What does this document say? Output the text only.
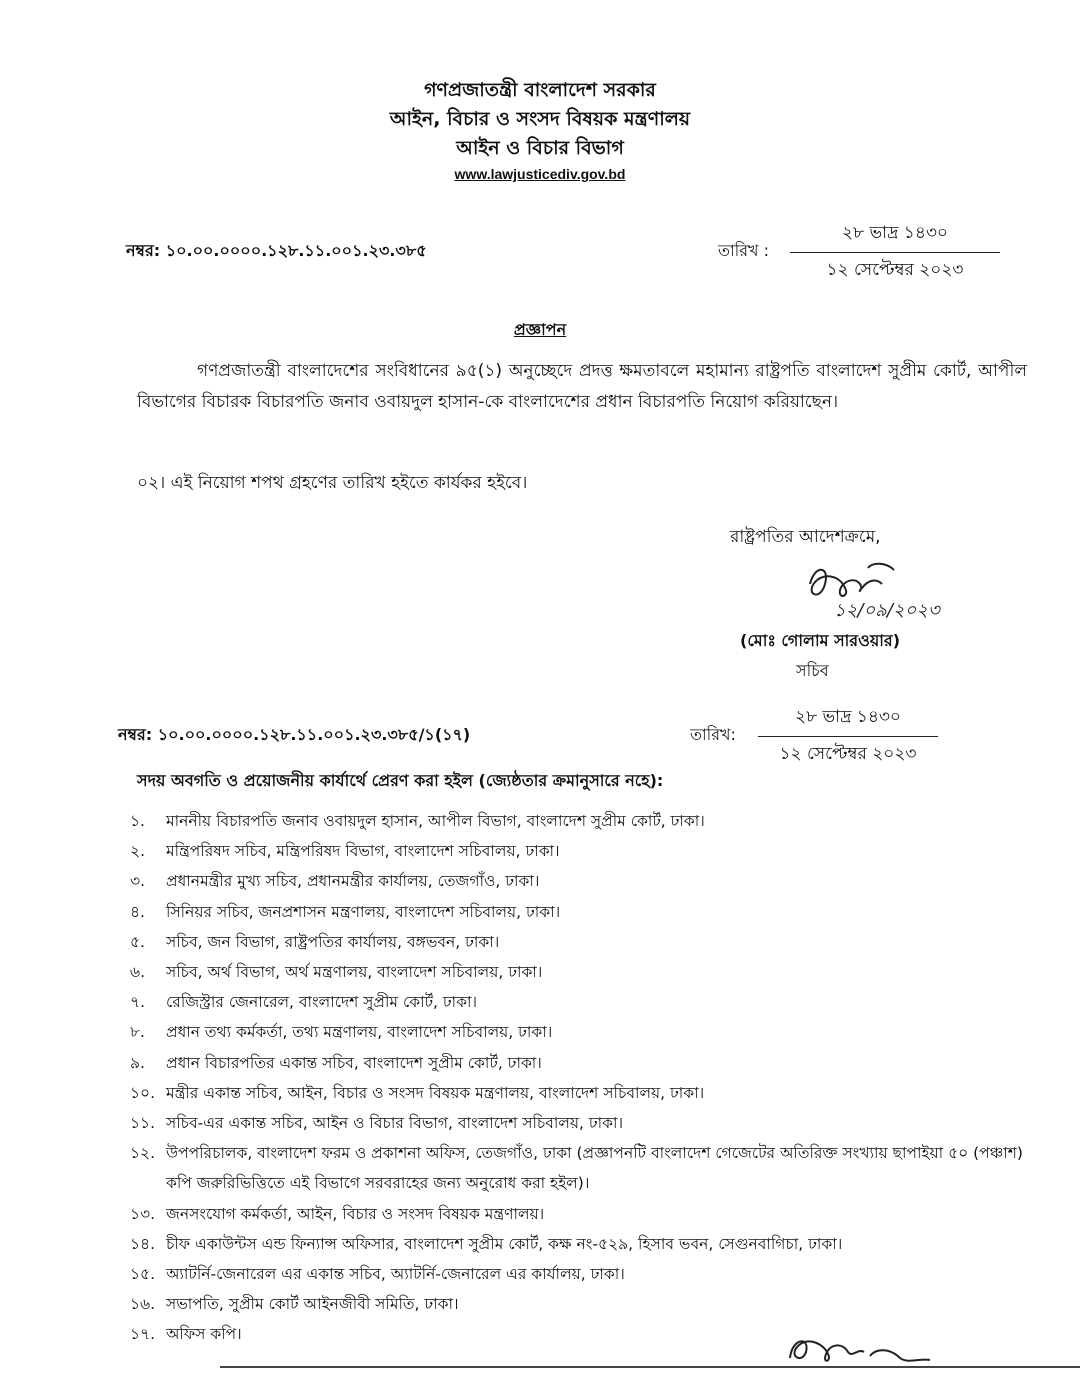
গণপ্রজাতন্ত্রী বাংলাদেশ সরকার
আইন, বিচার ও সংসদ বিষয়ক মন্ত্রণালয়
আইন ও বিচার বিভাগ
www.lawjusticediv.gov.bd
নম্বর: ১০.০০.০০০০.১২৮.১১.০০১.২৩.৩৮৫	তারিখ :
২৮ ভাদ্র ১৪৩০
১২ সেপ্টেম্বর ২০২৩
প্রজ্ঞাপন

গণপ্রজাতন্ত্রী বাংলাদেশের সংবিধানের ৯৫(১) অনুচ্ছেদে প্রদত্ত ক্ষমতাবলে মহামান্য রাষ্ট্রপতি বাংলাদেশ সুপ্রীম কোর্ট, আপীল বিভাগের বিচারক বিচারপতি জনাব ওবায়দুল হাসান-কে বাংলাদেশের প্রধান বিচারপতি নিয়োগ করিয়াছেন।

০২। এই নিয়োগ শপথ গ্রহণের তারিখ হইতে কার্যকর হইবে।
রাষ্ট্রপতির আদেশক্রমে,
১২/০৯/২০২৩
(মোঃ গোলাম সারওয়ার)
সচিব
নম্বর: ১০.০০.০০০০.১২৮.১১.০০১.২৩.৩৮৫/১(১৭)	তারিখ:
২৮ ভাদ্র ১৪৩০
১২ সেপ্টেম্বর ২০২৩
সদয় অবগতি ও প্রয়োজনীয় কার্যার্থে প্রেরণ করা হইল (জ্যেষ্ঠতার ক্রমানুসারে নহে):
১.	মাননীয় বিচারপতি জনাব ওবায়দুল হাসান, আপীল বিভাগ, বাংলাদেশ সুপ্রীম কোর্ট, ঢাকা।
২.	মন্ত্রিপরিষদ সচিব, মন্ত্রিপরিষদ বিভাগ, বাংলাদেশ সচিবালয়, ঢাকা।
৩.	প্রধানমন্ত্রীর মুখ্য সচিব, প্রধানমন্ত্রীর কার্যালয়, তেজগাঁও, ঢাকা।
৪.	সিনিয়র সচিব, জনপ্রশাসন মন্ত্রণালয়, বাংলাদেশ সচিবালয়, ঢাকা।
৫.	সচিব, জন বিভাগ, রাষ্ট্রপতির কার্যালয়, বঙ্গভবন, ঢাকা।
৬.	সচিব, অর্থ বিভাগ, অর্থ মন্ত্রণালয়, বাংলাদেশ সচিবালয়, ঢাকা।
৭.	রেজিস্ট্রার জেনারেল, বাংলাদেশ সুপ্রীম কোর্ট, ঢাকা।
৮.	প্রধান তথ্য কর্মকর্তা, তথ্য মন্ত্রণালয়, বাংলাদেশ সচিবালয়, ঢাকা।
৯.	প্রধান বিচারপতির একান্ত সচিব, বাংলাদেশ সুপ্রীম কোর্ট, ঢাকা।
১০. মন্ত্রীর একান্ত সচিব, আইন, বিচার ও সংসদ বিষয়ক মন্ত্রণালয়, বাংলাদেশ সচিবালয়, ঢাকা।
১১. সচিব-এর একান্ত সচিব, আইন ও বিচার বিভাগ, বাংলাদেশ সচিবালয়, ঢাকা।
১২. উপপরিচালক, বাংলাদেশ ফরম ও প্রকাশনা অফিস, তেজগাঁও, ঢাকা (প্রজ্ঞাপনটি বাংলাদেশ গেজেটের অতিরিক্ত সংখ্যায় ছাপাইয়া ৫০ (পঞ্চাশ) কপি জরুরিভিত্তিতে এই বিভাগে সরবরাহের জন্য অনুরোধ করা হইল)।
১৩. জনসংযোগ কর্মকর্তা, আইন, বিচার ও সংসদ বিষয়ক মন্ত্রণালয়।
১৪. চীফ একাউন্টস এন্ড ফিন্যান্স অফিসার, বাংলাদেশ সুপ্রীম কোর্ট, কক্ষ নং-৫২৯, হিসাব ভবন, সেগুনবাগিচা, ঢাকা।
১৫. অ্যাটর্নি-জেনারেল এর একান্ত সচিব, অ্যাটর্নি-জেনারেল এর কার্যালয়, ঢাকা।
১৬. সভাপতি, সুপ্রীম কোর্ট আইনজীবী সমিতি, ঢাকা।
১৭. অফিস কপি।
